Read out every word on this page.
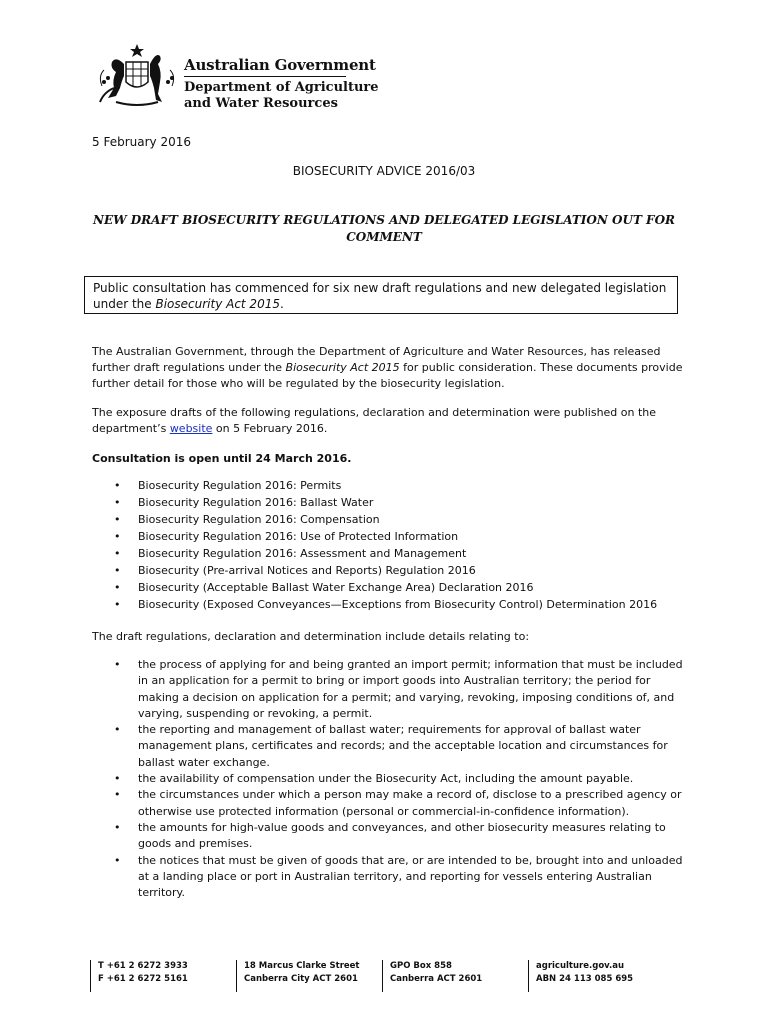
Australian Government
Department of Agriculture
and Water Resources
5 February 2016
BIOSECURITY ADVICE 2016/03
NEW DRAFT BIOSECURITY REGULATIONS AND DELEGATED LEGISLATION OUT FOR COMMENT
Public consultation has commenced for six new draft regulations and new delegated legislation under the Biosecurity Act 2015.
The Australian Government, through the Department of Agriculture and Water Resources, has released further draft regulations under the Biosecurity Act 2015 for public consideration. These documents provide further detail for those who will be regulated by the biosecurity legislation.
The exposure drafts of the following regulations, declaration and determination were published on the department’s website on 5 February 2016.
Consultation is open until 24 March 2016.
• Biosecurity Regulation 2016: Permits
• Biosecurity Regulation 2016: Ballast Water
• Biosecurity Regulation 2016: Compensation
• Biosecurity Regulation 2016: Use of Protected Information
• Biosecurity Regulation 2016: Assessment and Management
• Biosecurity (Pre-arrival Notices and Reports) Regulation 2016
• Biosecurity (Acceptable Ballast Water Exchange Area) Declaration 2016
• Biosecurity (Exposed Conveyances—Exceptions from Biosecurity Control) Determination 2016
The draft regulations, declaration and determination include details relating to:
• the process of applying for and being granted an import permit; information that must be included in an application for a permit to bring or import goods into Australian territory; the period for making a decision on application for a permit; and varying, revoking, imposing conditions of, and varying, suspending or revoking, a permit.
• the reporting and management of ballast water; requirements for approval of ballast water management plans, certificates and records; and the acceptable location and circumstances for ballast water exchange.
• the availability of compensation under the Biosecurity Act, including the amount payable.
• the circumstances under which a person may make a record of, disclose to a prescribed agency or otherwise use protected information (personal or commercial-in-confidence information).
• the amounts for high-value goods and conveyances, and other biosecurity measures relating to goods and premises.
• the notices that must be given of goods that are, or are intended to be, brought into and unloaded at a landing place or port in Australian territory, and reporting for vessels entering Australian territory.
T +61 2 6272 3933
F +61 2 6272 5161
18 Marcus Clarke Street
Canberra City ACT 2601
GPO Box 858
Canberra ACT 2601
agriculture.gov.au
ABN 24 113 085 695
